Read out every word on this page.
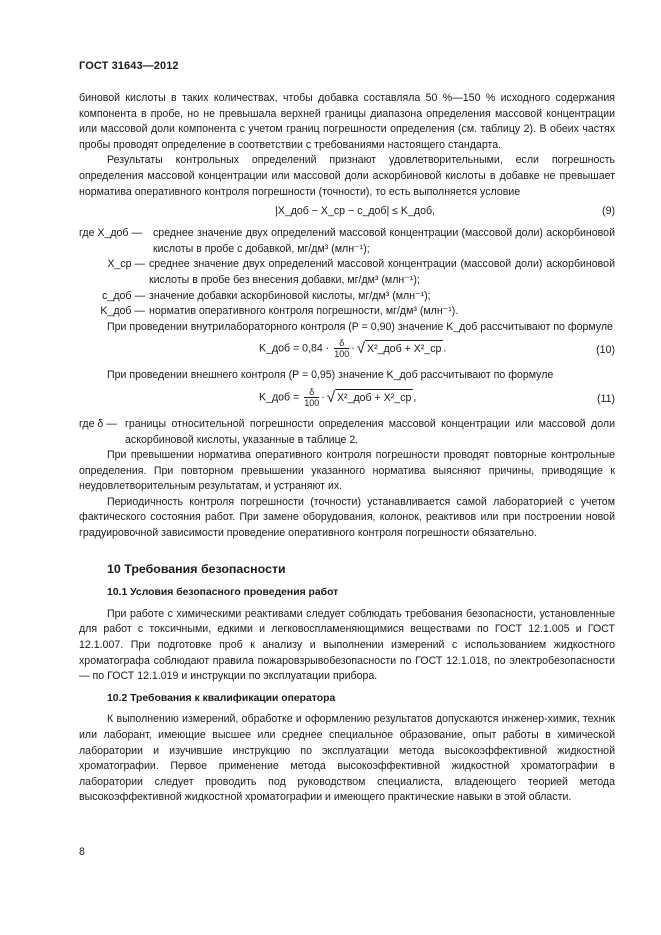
ГОСТ 31643—2012

биновой кислоты в таких количествах, чтобы добавка составляла 50 %—150 % исходного содержания компонента в пробе, но не превышала верхней границы диапазона определения массовой концентрации или массовой доли компонента с учетом границ погрешности определения (см. таблицу 2). В обеих частях пробы проводят определение в соответствии с требованиями настоящего стандарта.

Результаты контрольных определений признают удовлетворительными, если погрешность определения массовой концентрации или массовой доли аскорбиновой кислоты в добавке не превышает норматива оперативного контроля погрешности (точности), то есть выполняется условие

|X_доб − X_ср − c_доб| ≤ K_доб,	(9)
где X_доб —	среднее значение двух определений массовой концентрации (массовой доли) аскорбиновой кислоты в пробе с добавкой, мг/дм³ (млн⁻¹);
X_ср — среднее значение двух определений массовой концентрации (массовой доли) аскорбиновой кислоты в пробе без внесения добавки, мг/дм³ (млн⁻¹);
c_доб — значение добавки аскорбиновой кислоты, мг/дм³ (млн⁻¹);
K_доб — норматив оперативного контроля погрешности, мг/дм³ (млн⁻¹).

При проведении внутрилабораторного контроля (P = 0,90) значение K_доб рассчитывают по формуле

K_доб = $0,84 \cdot \frac{\delta}{100}$ · √ X²_доб + X²_ср .	(10)

При проведении внешнего контроля (P = 0,95) значение K_доб рассчитывают по формуле

K_доб = $\frac{\delta}{100}$ · √ X²_доб + X²_ср ,	(11)
где δ — границы относительной погрешности определения массовой концентрации или массовой доли аскорбиновой кислоты, указанные в таблице 2.

При превышении норматива оперативного контроля погрешности проводят повторные контрольные определения. При повторном превышении указанного норматива выясняют причины, приводящие к неудовлетворительным результатам, и устраняют их.

Периодичность контроля погрешности (точности) устанавливается самой лабораторией с учетом фактического состояния работ. При замене оборудования, колонок, реактивов или при построении новой градуировочной зависимости проведение оперативного контроля погрешности обязательно.

10 Требования безопасности
10.1 Условия безопасного проведения работ

При работе с химическими реактивами следует соблюдать требования безопасности, установленные для работ с токсичными, едкими и легковоспламеняющимися веществами по ГОСТ 12.1.005 и ГОСТ 12.1.007. При подготовке проб к анализу и выполнении измерений с использованием жидкостного хроматографа соблюдают правила пожаровзрывобезопасности по ГОСТ 12.1.018, по электробезопасности — по ГОСТ 12.1.019 и инструкции по эксплуатации прибора.

10.2 Требования к квалификации оператора

К выполнению измерений, обработке и оформлению результатов допускаются инженер-химик, техник или лаборант, имеющие высшее или среднее специальное образование, опыт работы в химической лаборатории и изучившие инструкцию по эксплуатации метода высокоэффективной жидкостной хроматографии. Первое применение метода высокоэффективной жидкостной хроматографии в лаборатории следует проводить под руководством специалиста, владеющего теорией метода высокоэффективной жидкостной хроматографии и имеющего практические навыки в этой области.

8
